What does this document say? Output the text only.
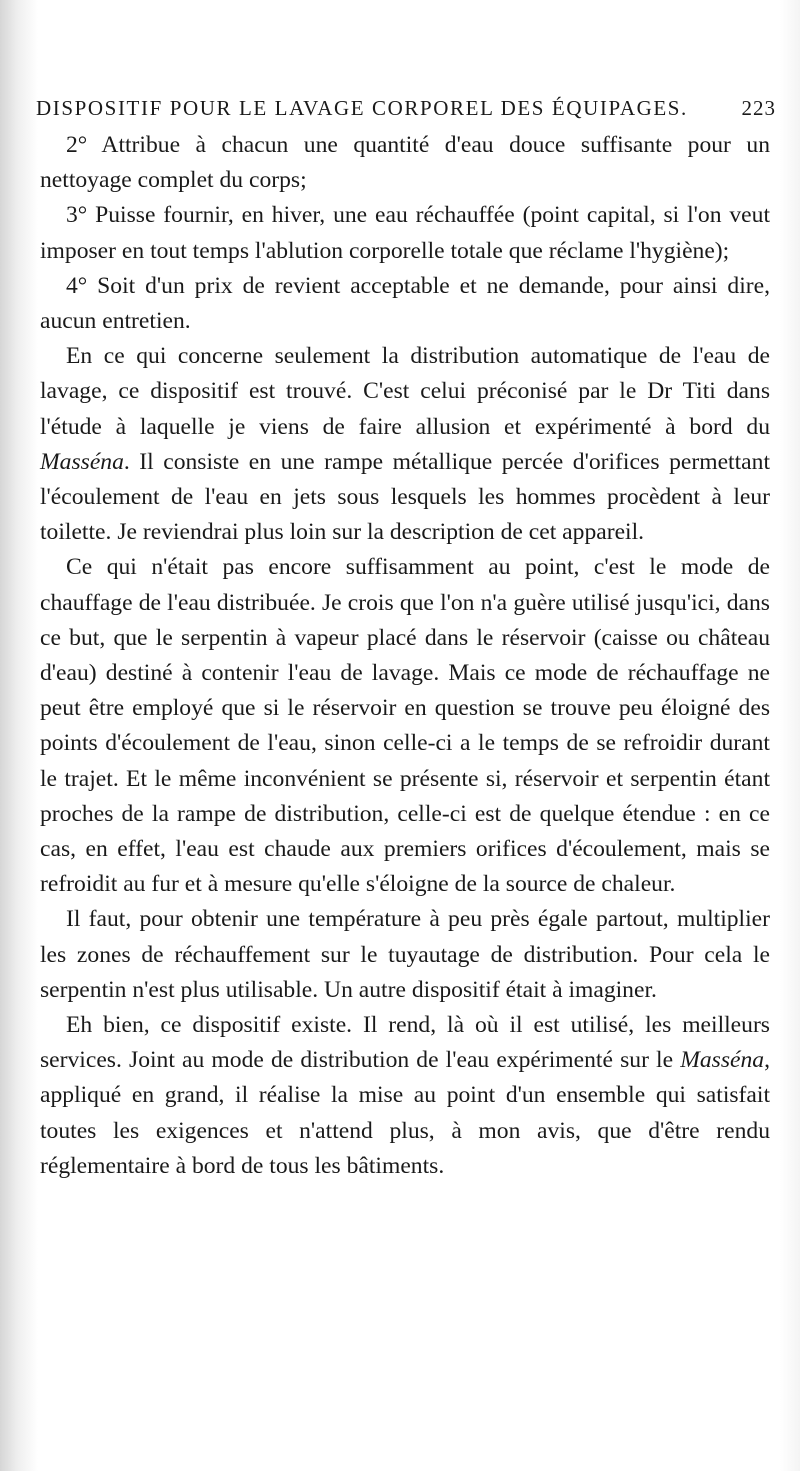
DISPOSITIF POUR LE LAVAGE CORPOREL DES ÉQUIPAGES.	223

2° Attribue à chacun une quantité d'eau douce suffisante pour un nettoyage complet du corps;

3° Puisse fournir, en hiver, une eau réchauffée (point capital, si l'on veut imposer en tout temps l'ablution corporelle totale que réclame l'hygiène);

4° Soit d'un prix de revient acceptable et ne demande, pour ainsi dire, aucun entretien.

En ce qui concerne seulement la distribution automatique de l'eau de lavage, ce dispositif est trouvé. C'est celui préconisé par le Dr Titi dans l'étude à laquelle je viens de faire allusion et expérimenté à bord du Masséna. Il consiste en une rampe métallique percée d'orifices permettant l'écoulement de l'eau en jets sous lesquels les hommes procèdent à leur toilette. Je reviendrai plus loin sur la description de cet appareil.

Ce qui n'était pas encore suffisamment au point, c'est le mode de chauffage de l'eau distribuée. Je crois que l'on n'a guère utilisé jusqu'ici, dans ce but, que le serpentin à vapeur placé dans le réservoir (caisse ou château d'eau) destiné à contenir l'eau de lavage. Mais ce mode de réchauffage ne peut être employé que si le réservoir en question se trouve peu éloigné des points d'écoulement de l'eau, sinon celle-ci a le temps de se refroidir durant le trajet. Et le même inconvénient se présente si, réservoir et serpentin étant proches de la rampe de distribution, celle-ci est de quelque étendue : en ce cas, en effet, l'eau est chaude aux premiers orifices d'écoulement, mais se refroidit au fur et à mesure qu'elle s'éloigne de la source de chaleur.

Il faut, pour obtenir une température à peu près égale partout, multiplier les zones de réchauffement sur le tuyautage de distribution. Pour cela le serpentin n'est plus utilisable. Un autre dispositif était à imaginer.

Eh bien, ce dispositif existe. Il rend, là où il est utilisé, les meilleurs services. Joint au mode de distribution de l'eau expérimenté sur le Masséna, appliqué en grand, il réalise la mise au point d'un ensemble qui satisfait toutes les exigences et n'attend plus, à mon avis, que d'être rendu réglementaire à bord de tous les bâtiments.
